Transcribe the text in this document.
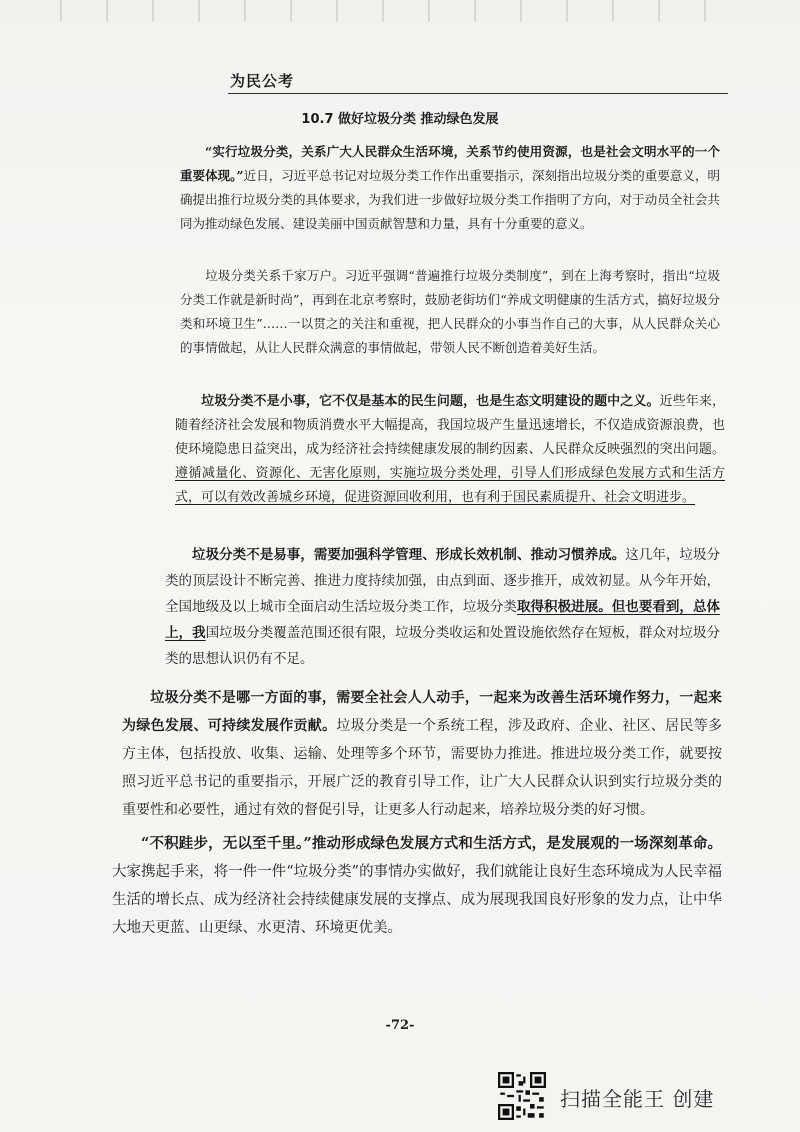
为民公考
10.7 做好垃圾分类 推动绿色发展
“实行垃圾分类，关系广大人民群众生活环境，关系节约使用资源，也是社会文明水平的一个重要体现。”近日，习近平总书记对垃圾分类工作作出重要指示，深刻指出垃圾分类的重要意义，明确提出推行垃圾分类的具体要求，为我们进一步做好垃圾分类工作指明了方向，对于动员全社会共同为推动绿色发展、建设美丽中国贡献智慧和力量，具有十分重要的意义。
垃圾分类关系千家万户。习近平强调“普遍推行垃圾分类制度”，到在上海考察时，指出“垃圾分类工作就是新时尚”，再到在北京考察时，鼓励老街坊们“养成文明健康的生活方式，搞好垃圾分类和环境卫生”……一以贯之的关注和重视，把人民群众的小事当作自己的大事，从人民群众关心的事情做起，从让人民群众满意的事情做起，带领人民不断创造着美好生活。
垃圾分类不是小事，它不仅是基本的民生问题，也是生态文明建设的题中之义。近些年来，随着经济社会发展和物质消费水平大幅提高，我国垃圾产生量迅速增长，不仅造成资源浪费，也使环境隐患日益突出，成为经济社会持续健康发展的制约因素、人民群众反映强烈的突出问题。遵循减量化、资源化、无害化原则，实施垃圾分类处理，引导人们形成绿色发展方式和生活方式，可以有效改善城乡环境，促进资源回收利用，也有利于国民素质提升、社会文明进步。
垃圾分类不是易事，需要加强科学管理、形成长效机制、推动习惯养成。这几年，垃圾分类的顶层设计不断完善、推进力度持续加强，由点到面、逐步推开，成效初显。从今年开始，全国地级及以上城市全面启动生活垃圾分类工作，垃圾分类取得积极进展。但也要看到，总体上，我国垃圾分类覆盖范围还很有限，垃圾分类收运和处置设施依然存在短板，群众对垃圾分类的思想认识仍有不足。
垃圾分类不是哪一方面的事，需要全社会人人动手，一起来为改善生活环境作努力，一起来为绿色发展、可持续发展作贡献。垃圾分类是一个系统工程，涉及政府、企业、社区、居民等多方主体，包括投放、收集、运输、处理等多个环节，需要协力推进。推进垃圾分类工作，就要按照习近平总书记的重要指示，开展广泛的教育引导工作，让广大人民群众认识到实行垃圾分类的重要性和必要性，通过有效的督促引导，让更多人行动起来，培养垃圾分类的好习惯。
“不积跬步，无以至千里。”推动形成绿色发展方式和生活方式，是发展观的一场深刻革命。大家携起手来，将一件一件“垃圾分类”的事情办实做好，我们就能让良好生态环境成为人民幸福生活的增长点、成为经济社会持续健康发展的支撑点、成为展现我国良好形象的发力点，让中华大地天更蓝、山更绿、水更清、环境更优美。
-72-
扫描全能王 创建
